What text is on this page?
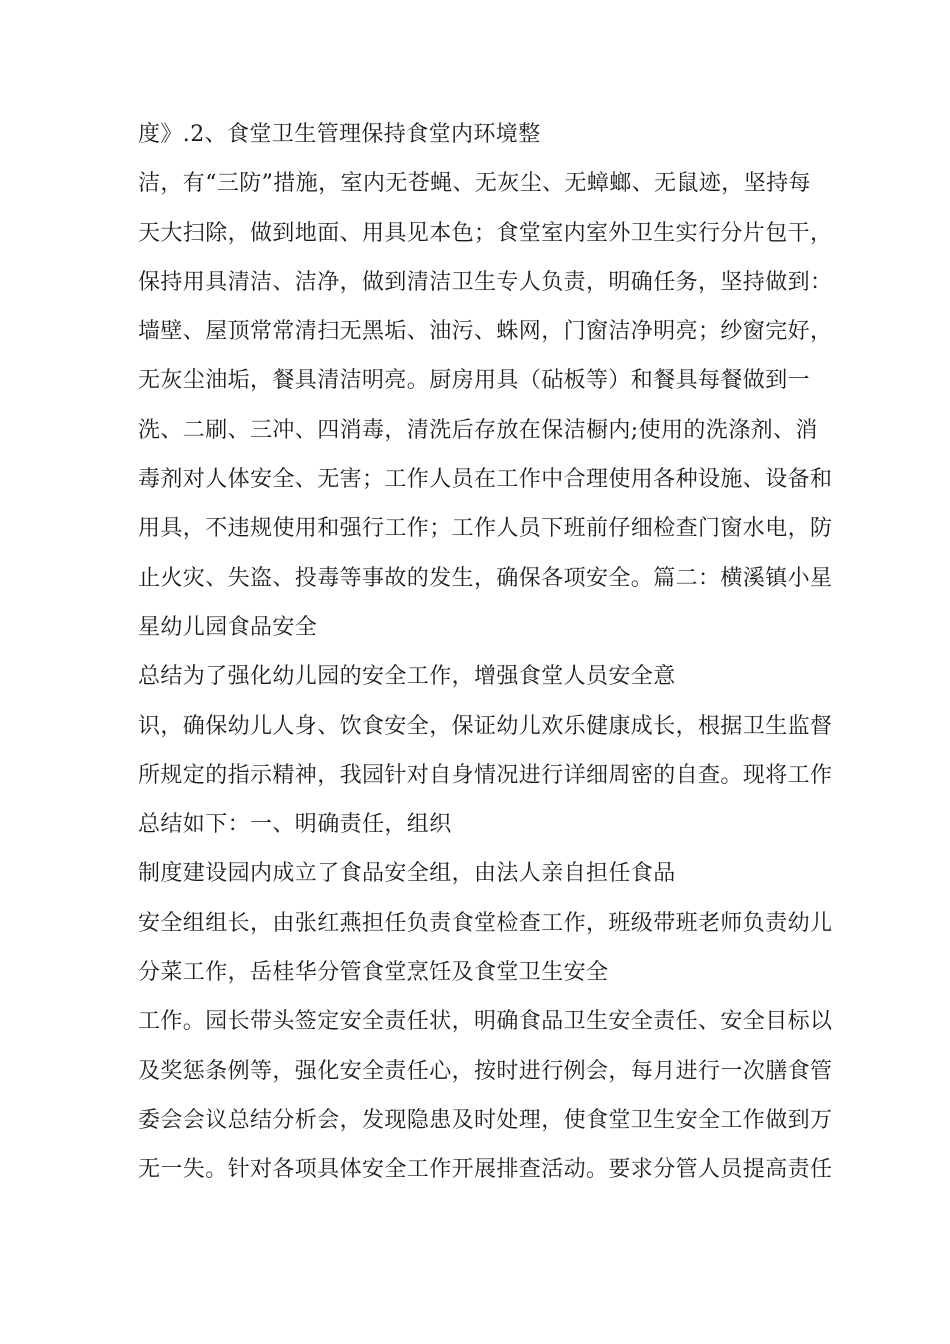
度》.2、食堂卫生管理保持食堂内环境整
洁，有“三防”措施，室内无苍蝇、无灰尘、无蟑螂、无鼠迹，坚持每
天大扫除，做到地面、用具见本色；食堂室内室外卫生实行分片包干，
保持用具清洁、洁净，做到清洁卫生专人负责，明确任务，坚持做到：
墙壁、屋顶常常清扫无黑垢、油污、蛛网，门窗洁净明亮；纱窗完好，
无灰尘油垢，餐具清洁明亮。厨房用具（砧板等）和餐具每餐做到一
洗、二刷、三冲、四消毒，清洗后存放在保洁橱内;使用的洗涤剂、消
毒剂对人体安全、无害；工作人员在工作中合理使用各种设施、设备和
用具，不违规使用和强行工作；工作人员下班前仔细检查门窗水电，防
止火灾、失盗、投毒等事故的发生，确保各项安全。篇二：横溪镇小星
星幼儿园食品安全
总结为了强化幼儿园的安全工作，增强食堂人员安全意
识，确保幼儿人身、饮食安全，保证幼儿欢乐健康成长，根据卫生监督
所规定的指示精神，我园针对自身情况进行详细周密的自查。现将工作
总结如下：一、明确责任，组织
制度建设园内成立了食品安全组，由法人亲自担任食品
安全组组长，由张红燕担任负责食堂检查工作，班级带班老师负责幼儿
分菜工作，岳桂华分管食堂烹饪及食堂卫生安全
工作。园长带头签定安全责任状，明确食品卫生安全责任、安全目标以
及奖惩条例等，强化安全责任心，按时进行例会，每月进行一次膳食管
委会会议总结分析会，发现隐患及时处理，使食堂卫生安全工作做到万
无一失。针对各项具体安全工作开展排查活动。要求分管人员提高责任
